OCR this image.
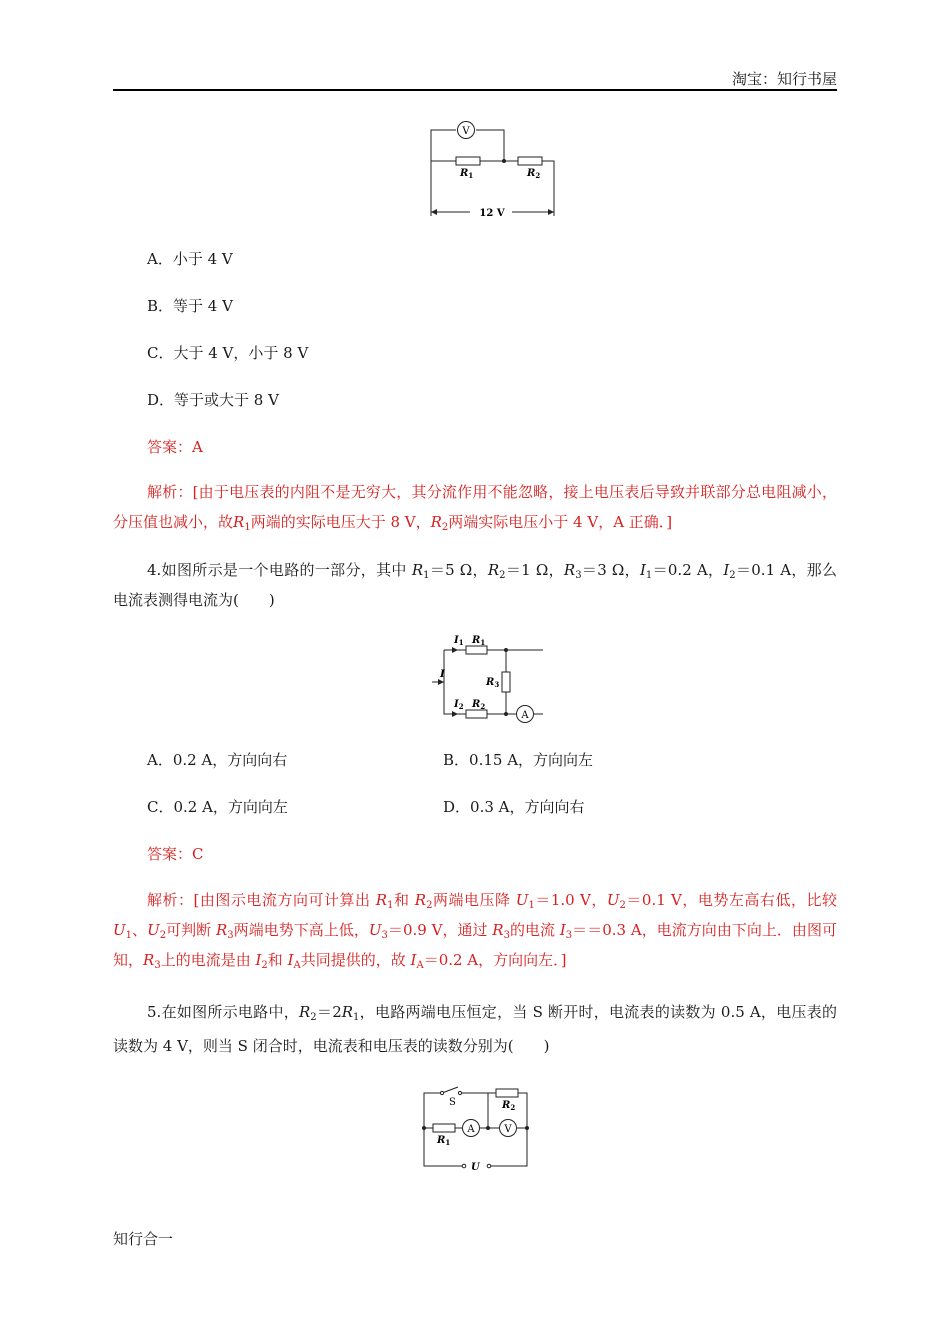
淘宝：知行书屋
V
$R_1$	$R_2$
12 V
A．小于 4 V
B．等于 4 V
C．大于 4 V，小于 8 V
D．等于或大于 8 V
答案：A
解析：[由于电压表的内阻不是无穷大，其分流作用不能忽略，接上电压表后导致并联部分总电阻减小，分压值也减小，故$R_1$两端的实际电压大于 8 V，$R_2$两端实际电压小于 4 V，A 正确．]
4.如图所示是一个电路的一部分，其中 $R_1=5$ Ω，$R_2=1$ Ω，$R_3=3$ Ω，$I_1=0.2$ A，$I_2=0.1$ A，那么电流表测得电流为(　　)
$I_1$ $R_1$
I
$R_3$
$I_2$ $R_2$
A
A．0.2 A，方向向右	B．0.15 A，方向向左
C．0.2 A，方向向左	D．0.3 A，方向向右
答案：C
解析：[由图示电流方向可计算出 $R_1$和 $R_2$两端电压降 $U_1=1.0$ V，$U_2=0.1$ V，电势左高右低，比较 $U_1$、$U_2$可判断 $R_3$两端电势下高上低，$U_3=0.9$ V，通过 $R_3$的电流 $I_3==0.3$ A，电流方向由下向上．由图可知，$R_3$上的电流是由 $I_2$和 $I_A$共同提供的，故 $I_A=0.2$ A，方向向左．]
5.在如图所示电路中，$R_2=2R_1$，电路两端电压恒定，当 S 断开时，电流表的读数为 0.5 A，电压表的读数为 4 V，则当 S 闭合时，电流表和电压表的读数分别为(　　)
S	$R_2$
$R_1$
A	V
U
知行合一
